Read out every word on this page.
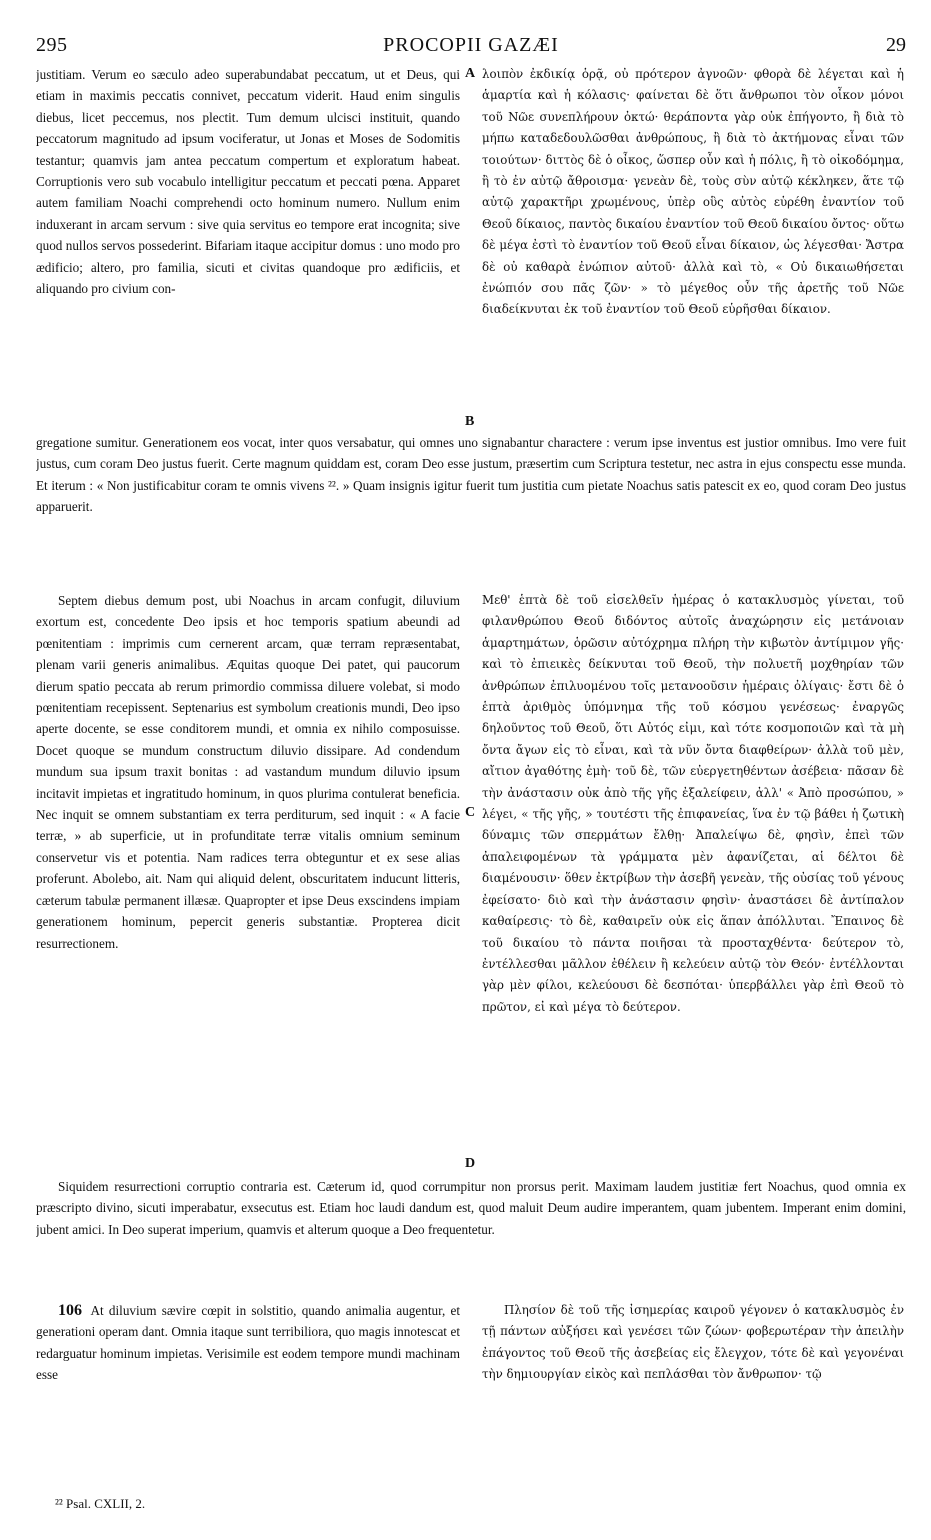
295	PROCOPII GAZÆI	29
justitiam. Verum eo sæculo adeo superabundabat peccatum, ut et Deus, qui etiam in maximis peccatis connivet, peccatum viderit. Haud enim singulis diebus, licet peccemus, nos plectit. Tum demum ulcisci instituit, quando peccatorum magnitudo ad ipsum vociferatur, ut Jonas et Moses de Sodomitis testantur; quamvis jam antea peccatum compertum et exploratum habeat. Corruptionis vero sub vocabulo intelligitur peccatum et peccati pœna. Apparet autem familiam Noachi comprehendi octo hominum numero. Nullum enim induxerant in arcam servum : sive quia servitus eo tempore erat incognita; sive quod nullos servos possederint. Bifariam itaque accipitur domus : uno modo pro ædificio; altero, pro familia, sicuti et civitas quandoque pro ædificiis, et aliquando pro civium con-
A λοιπὸν ἐκδικίᾳ ὁρᾷ, οὐ πρότερον ἀγνοῶν· φθορὰ δὲ λέγεται καὶ ἡ ἁμαρτία καὶ ἡ κόλασις· φαίνεται δὲ ὅτι ἄνθρωποι τὸν οἶκον μόνοι τοῦ Νῶε συνεπλήρουν ὀκτώ· θεράποντα γὰρ οὐκ ἐπήγοντο, ἢ διὰ τὸ μήπω καταδεδουλῶσθαι ἀνθρώπους, ἢ διὰ τὸ ἀκτήμονας εἶναι τῶν τοιούτων· διττὸς δὲ ὁ οἶκος, ὥσπερ οὖν καὶ ἡ πόλις, ἢ τὸ οἰκοδόμημα, ἢ τὸ ἐν αὐτῷ ἄθροισμα· γενεὰν δὲ, τοὺς σὺν αὐτῷ κέκληκεν, ἅτε τῷ αὐτῷ χαρακτῆρι χρωμένους, ὑπὲρ οὓς αὐτὸς εὑρέθη ἐναντίον τοῦ Θεοῦ δίκαιος, παντὸς δικαίου ἐναντίον τοῦ Θεοῦ δικαίου ὄντος· οὕτω δὲ μέγα ἐστὶ τὸ ἐναντίον τοῦ Θεοῦ εἶναι δίκαιον, ὡς λέγεσθαι· Ἄστρα δὲ οὐ καθαρὰ ἐνώπιον αὐτοῦ· ἀλλὰ καὶ τὸ, « Οὐ δικαιωθήσεται ἐνώπιόν σου πᾶς ζῶν· » τὸ μέγεθος οὖν τῆς ἀρετῆς τοῦ Νῶε διαδείκνυται ἐκ τοῦ ἐναντίον τοῦ Θεοῦ εὑρῆσθαι δίκαιον.
B
gregatione sumitur. Generationem eos vocat, inter quos versabatur, qui omnes uno signabantur charactere : verum ipse inventus est justior omnibus. Imo vere fuit justus, cum coram Deo justus fuerit. Certe magnum quiddam est, coram Deo esse justum, præsertim cum Scriptura testetur, nec astra in ejus conspectu esse munda. Et iterum : « Non justificabitur coram te omnis vivens ²². » Quam insignis igitur fuerit tum justitia cum pietate Noachus satis patescit ex eo, quod coram Deo justus apparuerit.
Septem diebus demum post, ubi Noachus in arcam confugit, diluvium exortum est, concedente Deo ipsis et hoc temporis spatium abeundi ad pœnitentiam : imprimis cum cernerent arcam, quæ terram repræsentabat, plenam varii generis animalibus. Æquitas quoque Dei patet, qui paucorum dierum spatio peccata ab rerum primordio commissa diluere volebat, si modo pœnitentiam recepissent. Septenarius est symbolum creationis mundi, Deo ipso aperte docente, se esse conditorem mundi, et omnia ex nihilo composuisse. Docet quoque se mundum constructum diluvio dissipare. Ad condendum mundum sua ipsum traxit bonitas : ad vastandum mundum diluvio ipsum incitavit impietas et ingratitudo hominum, in quos plurima contulerat beneficia. Nec inquit se omnem substantiam ex terra perditurum, sed inquit : « A facie terræ, » ab superficie, ut in profunditate terræ vitalis omnium seminum conservetur vis et potentia. Nam radices terra obteguntur et ex sese alias proferunt. Abolebo, ait. Nam qui aliquid delent, obscuritatem inducunt litteris, cæterum tabulæ permanent illæsæ. Quapropter et ipse Deus exscindens impiam generationem hominum, pepercit generis substantiæ. Propterea dicit resurrectionem.
C
Μεθ' ἑπτὰ δὲ τοῦ εἰσελθεῖν ἡμέρας ὁ κατακλυσμὸς γίνεται, τοῦ φιλανθρώπου Θεοῦ διδόντος αὐτοῖς ἀναχώρησιν εἰς μετάνοιαν ἁμαρτημάτων, ὁρῶσιν αὐτόχρημα πλήρη τὴν κιβωτὸν ἀντίμιμον γῆς· καὶ τὸ ἐπιεικὲς δείκνυται τοῦ Θεοῦ, τὴν πολυετῆ μοχθηρίαν τῶν ἀνθρώπων ἐπιλυομένου τοῖς μετανοοῦσιν ἡμέραις ὀλίγαις· ἔστι δὲ ὁ ἑπτὰ ἀριθμὸς ὑπόμνημα τῆς τοῦ κόσμου γενέσεως· ἐναργῶς δηλοῦντος τοῦ Θεοῦ, ὅτι Αὐτός εἰμι, καὶ τότε κοσμοποιῶν καὶ τὰ μὴ ὄντα ἄγων εἰς τὸ εἶναι, καὶ τὰ νῦν ὄντα διαφθείρων· ἀλλὰ τοῦ μὲν, αἴτιον ἀγαθότης ἐμὴ· τοῦ δὲ, τῶν εὐεργετηθέντων ἀσέβεια· πᾶσαν δὲ τὴν ἀνάστασιν οὐκ ἀπὸ τῆς γῆς ἐξαλείφειν, ἀλλ' « Ἀπὸ προσώπου, » λέγει, « τῆς γῆς, » τουτέστι τῆς ἐπιφανείας, ἵνα ἐν τῷ βάθει ἡ ζωτικὴ δύναμις τῶν σπερμάτων ἔλθῃ· Ἀπαλείψω δὲ, φησὶν, ἐπεὶ τῶν ἀπαλειφομένων τὰ γράμματα μὲν ἀφανίζεται, αἱ δέλτοι δὲ διαμένουσιν· ὅθεν ἐκτρίβων τὴν ἀσεβῆ γενεὰν, τῆς οὐσίας τοῦ γένους ἐφείσατο· διὸ καὶ τὴν ἀνάστασιν φησὶν· ἀναστάσει δὲ ἀντίπαλον καθαίρεσις· τὸ δὲ, καθαιρεῖν οὐκ εἰς ἅπαν ἀπόλλυται. Ἔπαινος δὲ τοῦ δικαίου τὸ πάντα ποιῆσαι τὰ προσταχθέντα· δεύτερον τὸ, ἐντέλλεσθαι μᾶλλον ἐθέλειν ἢ κελεύειν αὐτῷ τὸν Θεόν· ἐντέλλονται γὰρ μὲν φίλοι, κελεύουσι δὲ δεσπόται· ὑπερβάλλει γὰρ ἐπὶ Θεοῦ τὸ πρῶτον, εἰ καὶ μέγα τὸ δεύτερον.
D
Siquidem resurrectioni corruptio contraria est. Cæterum id, quod corrumpitur non prorsus perit. Maximam laudem justitiæ fert Noachus, quod omnia ex præscripto divino, sicuti imperabatur, exsecutus est. Etiam hoc laudi dandum est, quod maluit Deum audire imperantem, quam jubentem. Imperant enim domini, jubent amici. In Deo superat imperium, quamvis et alterum quoque a Deo frequentetur.
106 At diluvium sævire cœpit in solstitio, quando animalia augentur, et generationi operam dant. Omnia itaque sunt terribiliora, quo magis innotescat et redarguatur hominum impietas. Verisimile est eodem tempore mundi machinam esse
Πλησίον δὲ τοῦ τῆς ἰσημερίας καιροῦ γέγονεν ὁ κατακλυσμὸς ἐν τῇ πάντων αὐξήσει καὶ γενέσει τῶν ζώων· φοβερωτέραν τὴν ἀπειλὴν ἐπάγοντος τοῦ Θεοῦ τῆς ἀσεβείας εἰς ἔλεγχον, τότε δὲ καὶ γεγονέναι τὴν δημιουργίαν εἰκὸς καὶ πεπλάσθαι τὸν ἄνθρωπον· τῷ
²² Psal. CXLII, 2.
